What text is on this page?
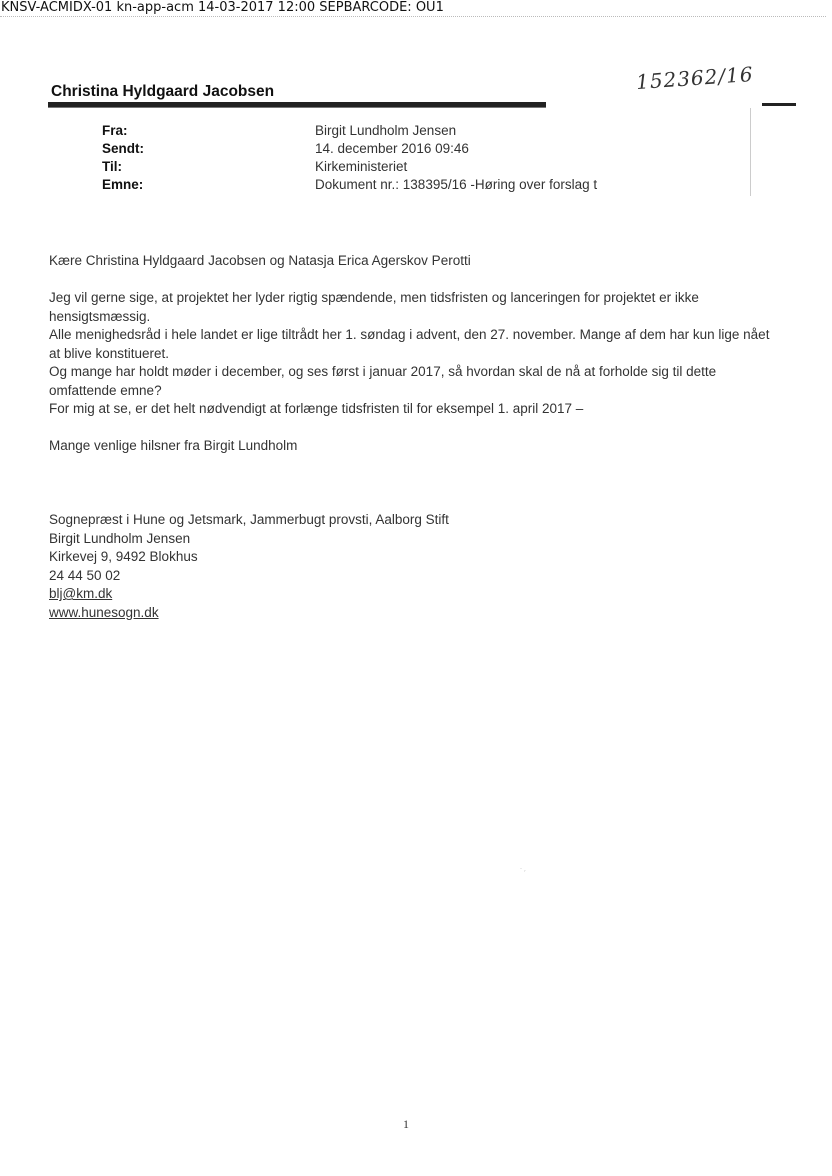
KNSV-ACMIDX-01 kn-app-acm 14-03-2017 12:00 SEPBARCODE: OU1
Christina Hyldgaard Jacobsen	152362/16
Fra:	Birgit Lundholm Jensen
Sendt:	14. december 2016 09:46
Til:	Kirkeministeriet
Emne:	Dokument nr.: 138395/16 -Høring over forslag t

Kære Christina Hyldgaard Jacobsen og Natasja Erica Agerskov Perotti

Jeg vil gerne sige, at projektet her lyder rigtig spændende, men tidsfristen og lanceringen for projektet er ikke hensigtsmæssig.

Alle menighedsråd i hele landet er lige tiltrådt her 1. søndag i advent, den 27. november. Mange af dem har kun lige nået at blive konstitueret.

Og mange har holdt møder i december, og ses først i januar 2017, så hvordan skal de nå at forholde sig til dette omfattende emne?

For mig at se, er det helt nødvendigt at forlænge tidsfristen til for eksempel 1. april 2017 –

Mange venlige hilsner fra Birgit Lundholm

Sognepræst i Hune og Jetsmark, Jammerbugt provsti, Aalborg Stift

Birgit Lundholm Jensen

Kirkevej 9, 9492 Blokhus

24 44 50 02

blj@km.dk

www.hunesogn.dk

· ˏ
1
